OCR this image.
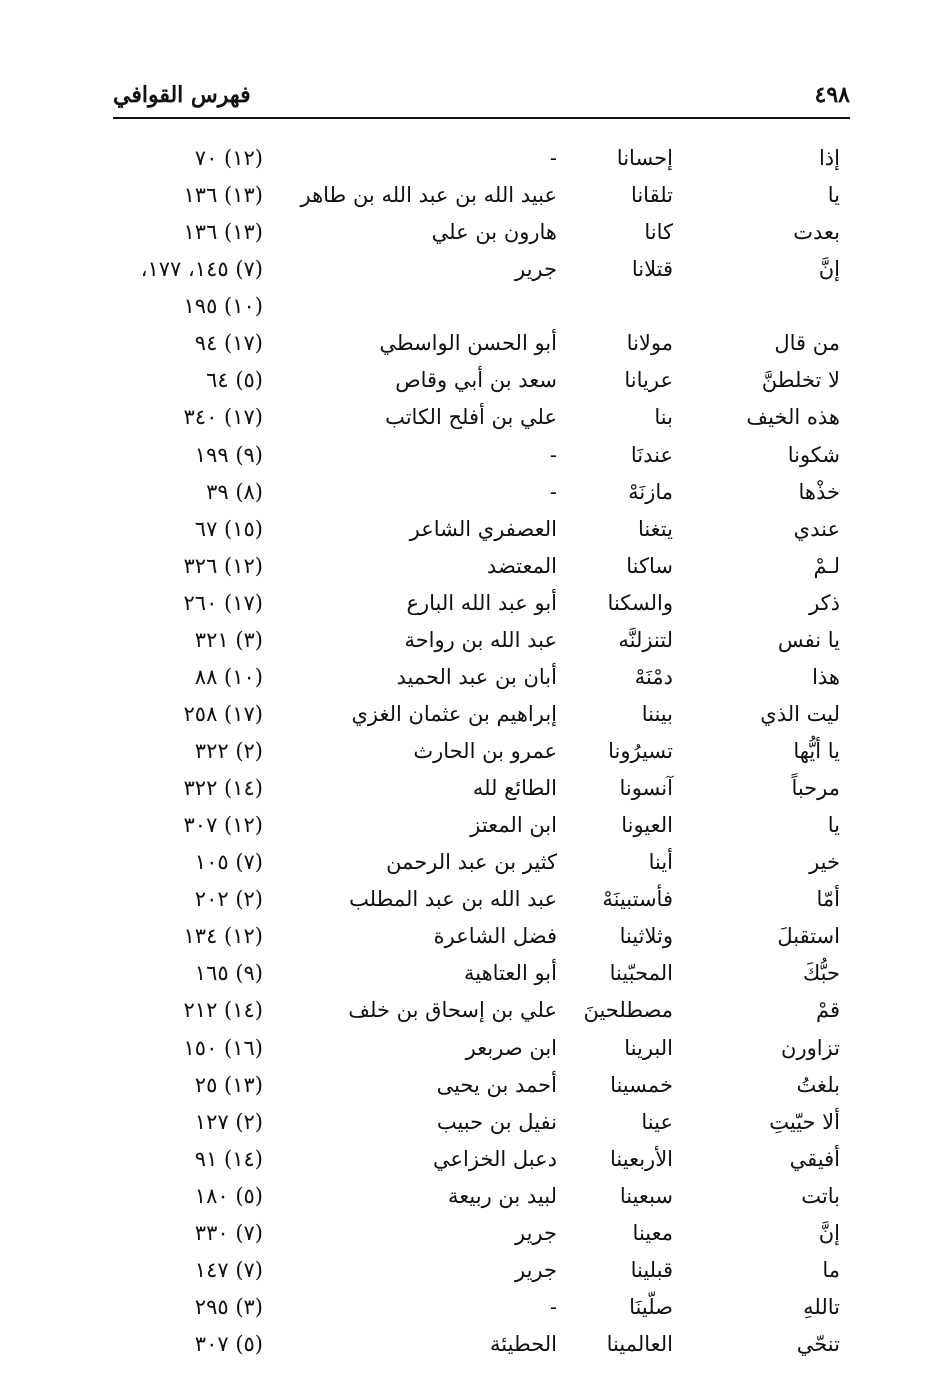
٤٩٨
فهرس القوافي
إذا
إحسانا
-
(١٢) ٧٠
يا
تلقانا
عبيد الله بن عبد الله بن طاهر
(١٣) ١٣٦
بعدت
كانا
هارون بن علي
(١٣) ١٣٦
إنَّ
قتلانا
جرير
(٧) ١٤٥، ١٧٧،
(١٠) ١٩٥
من قال
مولانا
أبو الحسن الواسطي
(١٧) ٩٤
لا تخلطنَّ
عريانا
سعد بن أبي وقاص
(٥) ٦٤
هذه الخيف
بنا
علي بن أفلح الكاتب
(١٧) ٣٤٠
شكونا
عندنَا
-
(٩) ١٩٩
خذْها
مازنَهْ
-
(٨) ٣٩
عندي
يتغنا
العصفري الشاعر
(١٥) ٦٧
لـمْ
ساكنا
المعتضد
(١٢) ٣٢٦
ذكر
والسكنا
أبو عبد الله البارع
(١٧) ٢٦٠
يا نفس
لتنزلنَّه
عبد الله بن رواحة
(٣) ٣٢١
هذا
دمْنَهْ
أبان بن عبد الحميد
(١٠) ٨٨
ليت الذي
بيننا
إبراهيم بن عثمان الغزي
(١٧) ٢٥٨
يا أيُّها
تسيرُونا
عمرو بن الحارث
(٢) ٣٢٢
مرحباً
آنسونا
الطائع لله
(١٤) ٣٢٢
يا
العيونا
ابن المعتز
(١٢) ٣٠٧
خير
أينا
كثير بن عبد الرحمن
(٧) ١٠٥
أمّا
فأستبينَهْ
عبد الله بن عبد المطلب
(٢) ٢٠٢
استقبلَ
وثلاثينا
فضل الشاعرة
(١٢) ١٣٤
حبُّكَ
المحبّينا
أبو العتاهية
(٩) ١٦٥
قمْ
مصطلحينَ
علي بن إسحاق بن خلف
(١٤) ٢١٢
تزاورن
البرينا
ابن صربعر
(١٦) ١٥٠
بلغتُ
خمسينا
أحمد بن يحيى
(١٣) ٢٥
ألا حيّيتِ
عينا
نفيل بن حبيب
(٢) ١٢٧
أفيقي
الأربعينا
دعبل الخزاعي
(١٤) ٩١
باتت
سبعينا
لبيد بن ربيعة
(٥) ١٨٠
إنَّ
معينا
جرير
(٧) ٣٣٠
ما
قبلينا
جرير
(٧) ١٤٧
تاللهِ
صلّينَا
-
(٣) ٢٩٥
تنحّي
العالمينا
الحطيئة
(٥) ٣٠٧
